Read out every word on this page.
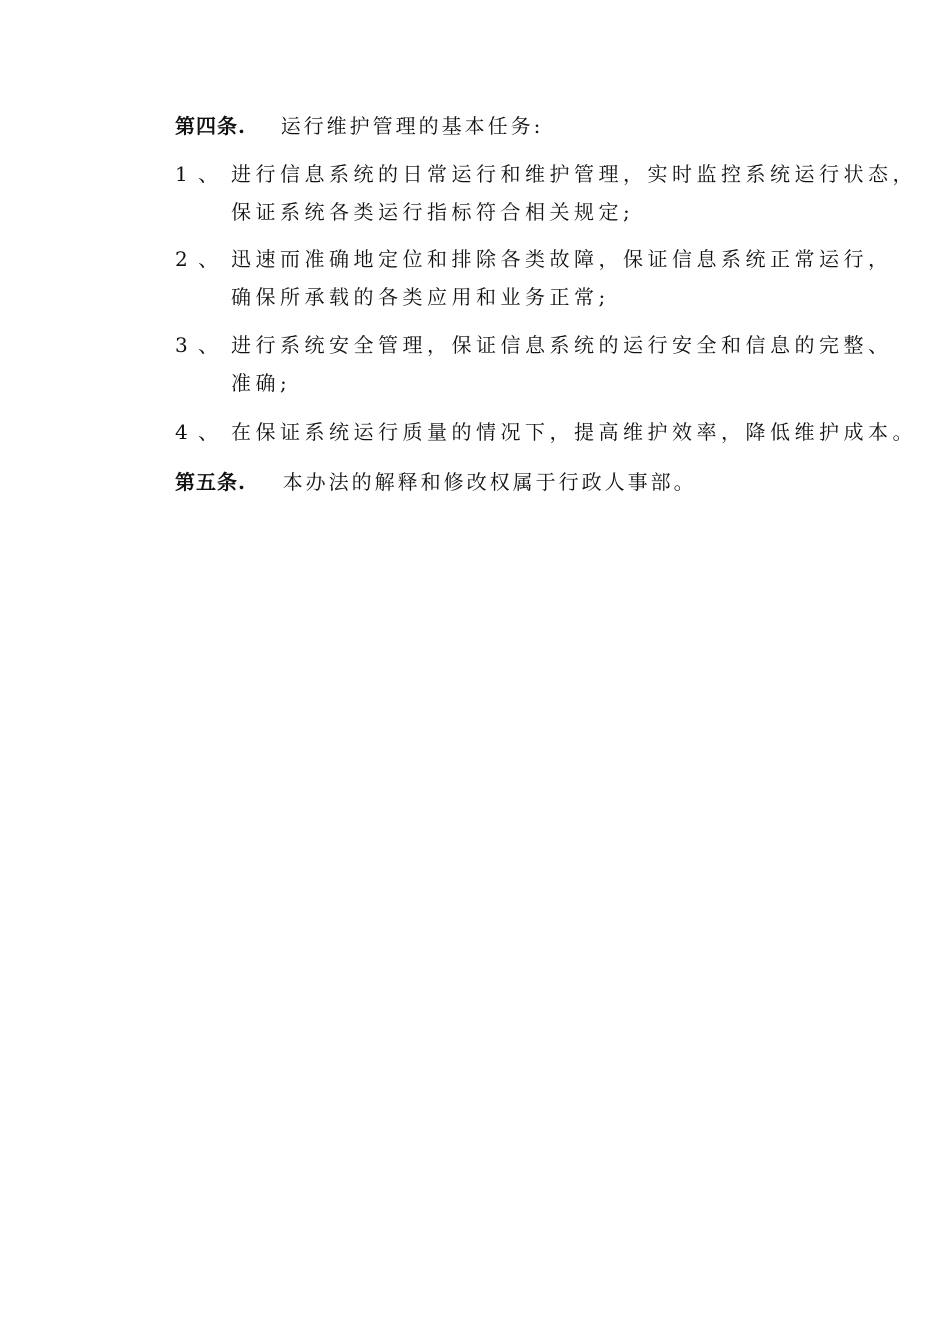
第四条. 运行维护管理的基本任务:
1 、 进行信息系统的日常运行和维护管理，实时监控系统运行状态，
保证系统各类运行指标符合相关规定;
2 、 迅速而准确地定位和排除各类故障，保证信息系统正常运行，
确保所承载的各类应用和业务正常;
3 、 进行系统安全管理，保证信息系统的运行安全和信息的完整、
准确;
4 、 在保证系统运行质量的情况下，提高维护效率，降低维护成本。
第五条. 本办法的解释和修改权属于行政人事部。
